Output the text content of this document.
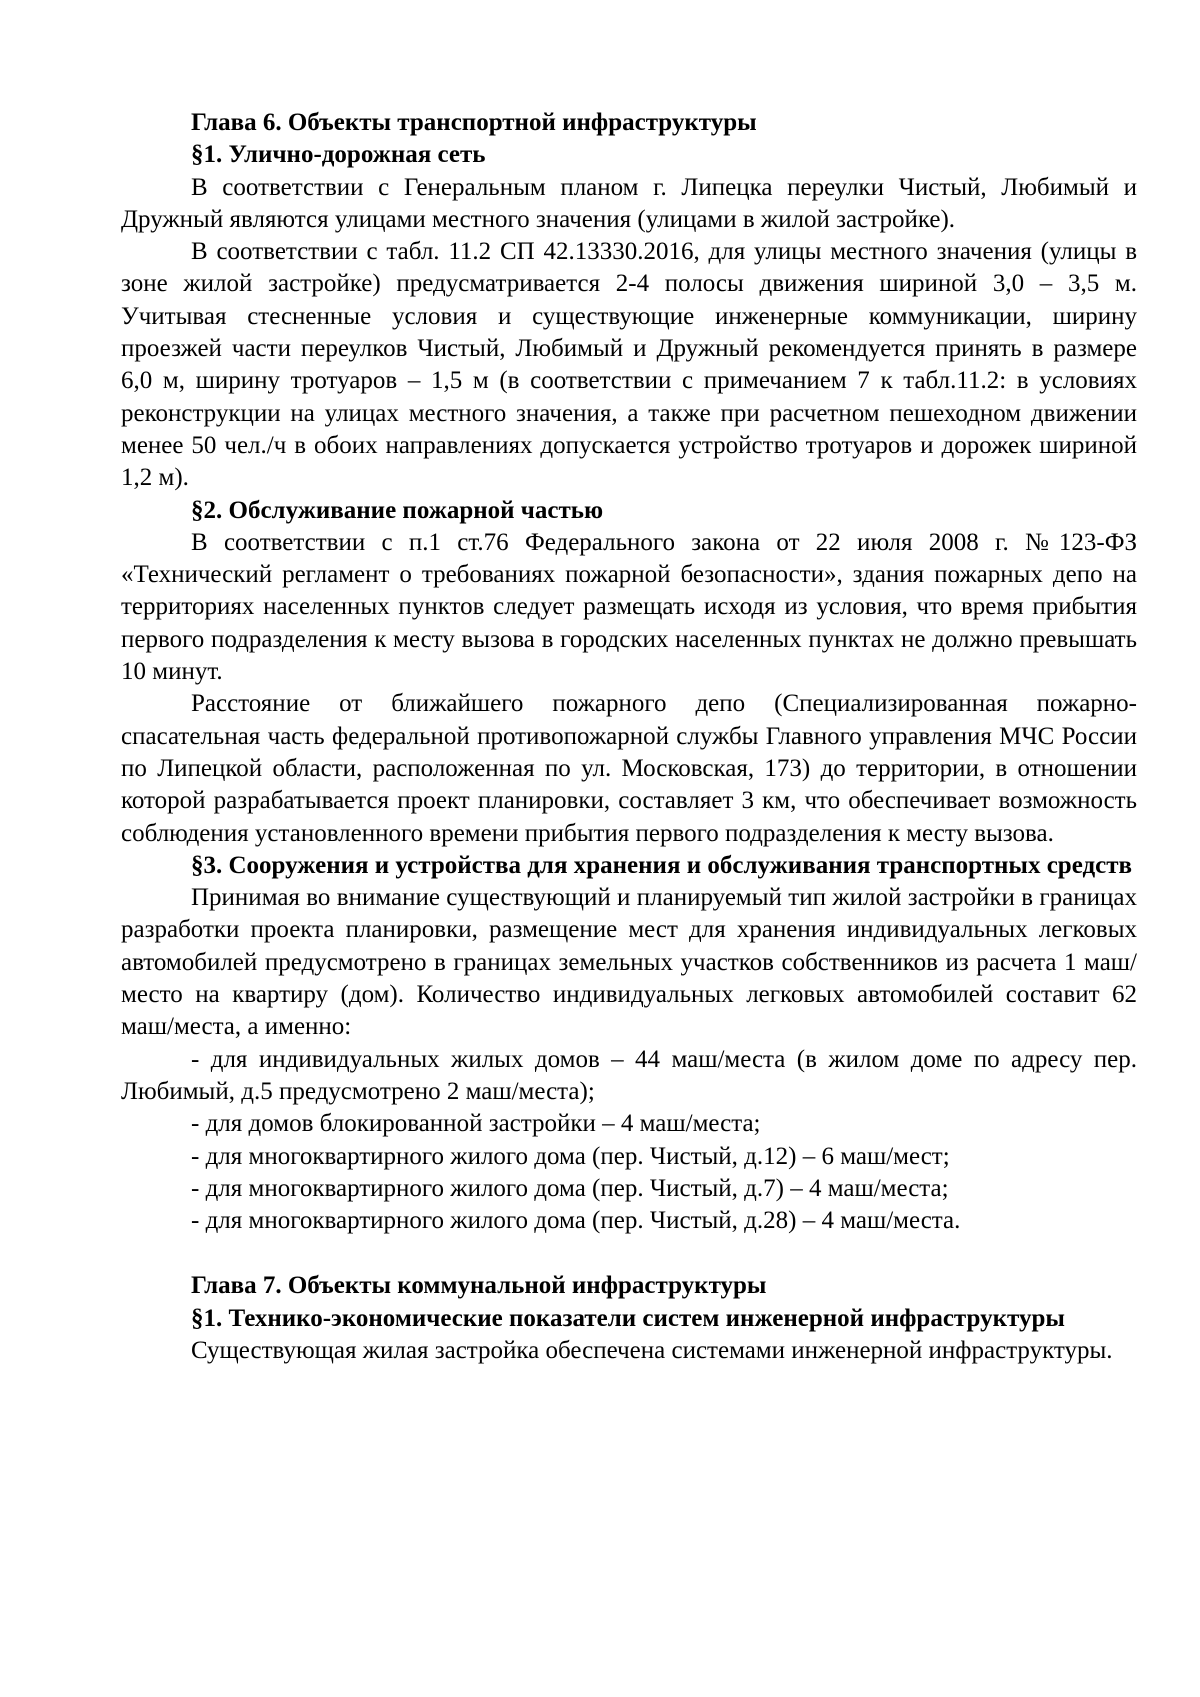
Глава 6. Объекты транспортной инфраструктуры
§1. Улично-дорожная сеть

В соответствии с Генеральным планом г. Липецка переулки Чистый, Любимый и Дружный являются улицами местного значения (улицами в жилой застройке).

В соответствии с табл. 11.2 СП 42.13330.2016, для улицы местного значения (улицы в зоне жилой застройке) предусматривается 2-4 полосы движения шириной 3,0 – 3,5 м. Учитывая стесненные условия и существующие инженерные коммуникации, ширину проезжей части переулков Чистый, Любимый и Дружный рекомендуется принять в размере 6,0 м, ширину тротуаров – 1,5 м (в соответствии с примечанием 7 к табл.11.2: в условиях реконструкции на улицах местного значения, а также при расчетном пешеходном движении менее 50 чел./ч в обоих направлениях допускается устройство тротуаров и дорожек шириной 1,2 м).

§2. Обслуживание пожарной частью

В соответствии с п.1 ст.76 Федерального закона от 22 июля 2008 г. №123-ФЗ «Технический регламент о требованиях пожарной безопасности», здания пожарных депо на территориях населенных пунктов следует размещать исходя из условия, что время прибытия первого подразделения к месту вызова в городских населенных пунктах не должно превышать 10 минут.

Расстояние от ближайшего пожарного депо (Специализированная пожарно-спасательная часть федеральной противопожарной службы Главного управления МЧС России по Липецкой области, расположенная по ул. Московская, 173) до территории, в отношении которой разрабатывается проект планировки, составляет 3 км, что обеспечивает возможность соблюдения установленного времени прибытия первого подразделения к месту вызова.

§3. Сооружения и устройства для хранения и обслуживания транспортных средств

Принимая во внимание существующий и планируемый тип жилой застройки в границах разработки проекта планировки, размещение мест для хранения индивидуальных легковых автомобилей предусмотрено в границах земельных участков собственников из расчета 1 маш/место на квартиру (дом). Количество индивидуальных легковых автомобилей составит 62 маш/места, а именно:

- для индивидуальных жилых домов – 44 маш/места (в жилом доме по адресу пер. Любимый, д.5 предусмотрено 2 маш/места);

- для домов блокированной застройки – 4 маш/места;

- для многоквартирного жилого дома (пер. Чистый, д.12) – 6 маш/мест;

- для многоквартирного жилого дома (пер. Чистый, д.7) – 4 маш/места;

- для многоквартирного жилого дома (пер. Чистый, д.28) – 4 маш/места.

Глава 7. Объекты коммунальной инфраструктуры
§1. Технико-экономические показатели систем инженерной инфраструктуры

Существующая жилая застройка обеспечена системами инженерной инфраструктуры.
